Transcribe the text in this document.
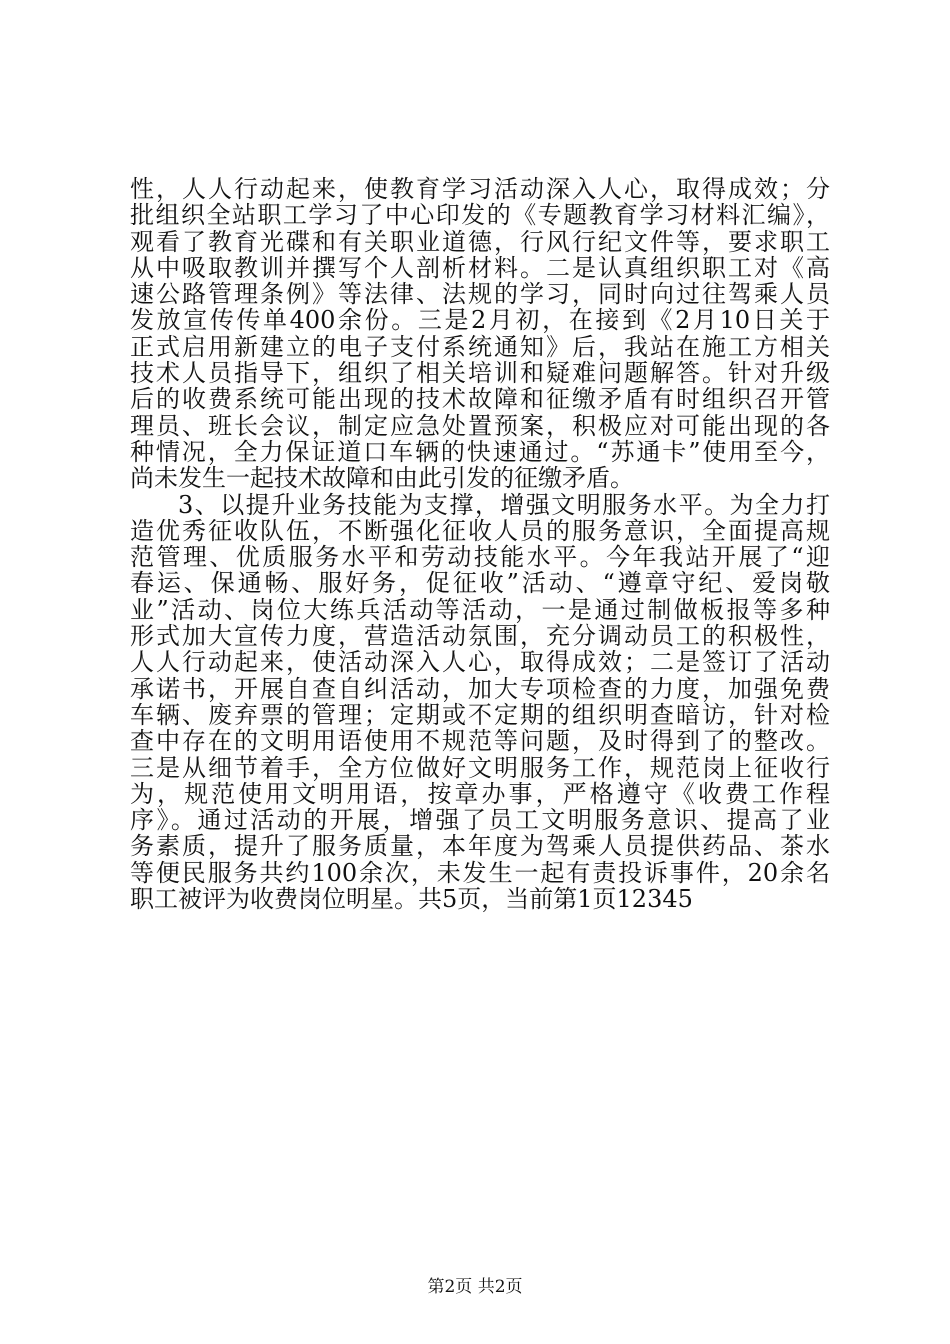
性，人人行动起来，使教育学习活动深入人心，取得成效；分
批组织全站职工学习了中心印发的《专题教育学习材料汇编》，
观看了教育光碟和有关职业道德，行风行纪文件等，要求职工
从中吸取教训并撰写个人剖析材料。二是认真组织职工对《高
速公路管理条例》等法律、法规的学习，同时向过往驾乘人员
发放宣传传单400余份。三是2月初，在接到《2月10日关于
正式启用新建立的电子支付系统通知》后，我站在施工方相关
技术人员指导下，组织了相关培训和疑难问题解答。针对升级
后的收费系统可能出现的技术故障和征缴矛盾有时组织召开管
理员、班长会议，制定应急处置预案，积极应对可能出现的各
种情况，全力保证道口车辆的快速通过。“苏通卡”使用至今，
尚未发生一起技术故障和由此引发的征缴矛盾。
3、以提升业务技能为支撑，增强文明服务水平。为全力打
造优秀征收队伍，不断强化征收人员的服务意识，全面提高规
范管理、优质服务水平和劳动技能水平。今年我站开展了“迎
春运、保通畅、服好务，促征收”活动、“遵章守纪、爱岗敬
业”活动、岗位大练兵活动等活动，一是通过制做板报等多种
形式加大宣传力度，营造活动氛围，充分调动员工的积极性，
人人行动起来，使活动深入人心，取得成效；二是签订了活动
承诺书，开展自查自纠活动，加大专项检查的力度，加强免费
车辆、废弃票的管理；定期或不定期的组织明查暗访，针对检
查中存在的文明用语使用不规范等问题，及时得到了的整改。
三是从细节着手，全方位做好文明服务工作，规范岗上征收行
为，规范使用文明用语，按章办事，严格遵守《收费工作程
序》。通过活动的开展，增强了员工文明服务意识、提高了业
务素质，提升了服务质量，本年度为驾乘人员提供药品、茶水
等便民服务共约100余次，未发生一起有责投诉事件，20余名
职工被评为收费岗位明星。共5页，当前第1页12345
第2页 共2页
